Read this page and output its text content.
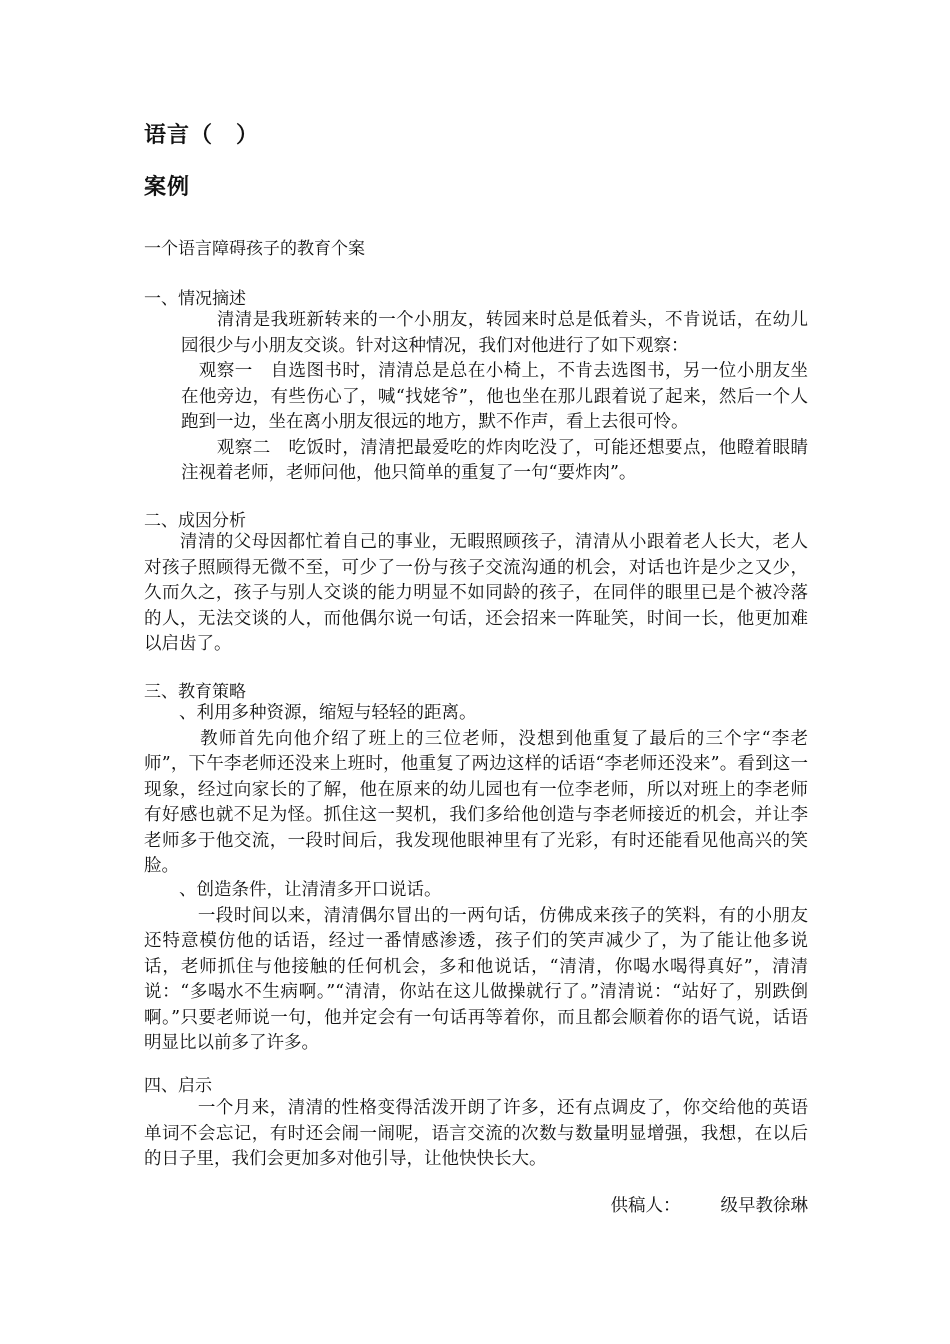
语言（　）
案例

一个语言障碍孩子的教育个案

一、情况摘述

　　清清是我班新转来的一个小朋友，转园来时总是低着头，不肯说话，在幼儿园很少与小朋友交谈。针对这种情况，我们对他进行了如下观察：
　观察一　自选图书时，清清总是总在小椅上，不肯去选图书，另一位小朋友坐在他旁边，有些伤心了，喊“找姥爷”，他也坐在那儿跟着说了起来，然后一个人跑到一边，坐在离小朋友很远的地方，默不作声，看上去很可怜。
　　观察二　吃饭时，清清把最爱吃的炸肉吃没了，可能还想要点，他瞪着眼睛注视着老师，老师问他，他只简单的重复了一句“要炸肉”。

二、成因分析

　　清清的父母因都忙着自己的事业，无暇照顾孩子，清清从小跟着老人长大，老人对孩子照顾得无微不至，可少了一份与孩子交流沟通的机会，对话也许是少之又少，久而久之，孩子与别人交谈的能力明显不如同龄的孩子，在同伴的眼里已是个被冷落的人，无法交谈的人，而他偶尔说一句话，还会招来一阵耻笑，时间一长，他更加难以启齿了。

三、教育策略

　　、利用多种资源，缩短与轻轻的距离。
　　　教师首先向他介绍了班上的三位老师，没想到他重复了最后的三个字“李老师”，下午李老师还没来上班时，他重复了两边这样的话语“李老师还没来”。看到这一现象，经过向家长的了解，他在原来的幼儿园也有一位李老师，所以对班上的李老师有好感也就不足为怪。抓住这一契机，我们多给他创造与李老师接近的机会，并让李老师多于他交流，一段时间后，我发现他眼神里有了光彩，有时还能看见他高兴的笑脸。

　　、创造条件，让清清多开口说话。
　　　一段时间以来，清清偶尔冒出的一两句话，仿佛成来孩子的笑料，有的小朋友还特意模仿他的话语，经过一番情感渗透，孩子们的笑声减少了，为了能让他多说话，老师抓住与他接触的任何机会，多和他说话，“清清，你喝水喝得真好”，清清说：“多喝水不生病啊。”“清清，你站在这儿做操就行了。”清清说：“站好了，别跌倒啊。”只要老师说一句，他并定会有一句话再等着你，而且都会顺着你的语气说，话语明显比以前多了许多。

四、启示

　　　一个月来，清清的性格变得活泼开朗了许多，还有点调皮了，你交给他的英语单词不会忘记，有时还会闹一闹呢，语言交流的次数与数量明显增强，我想，在以后的日子里，我们会更加多对他引导，让他快快长大。

供稿人： 级早教徐琳
